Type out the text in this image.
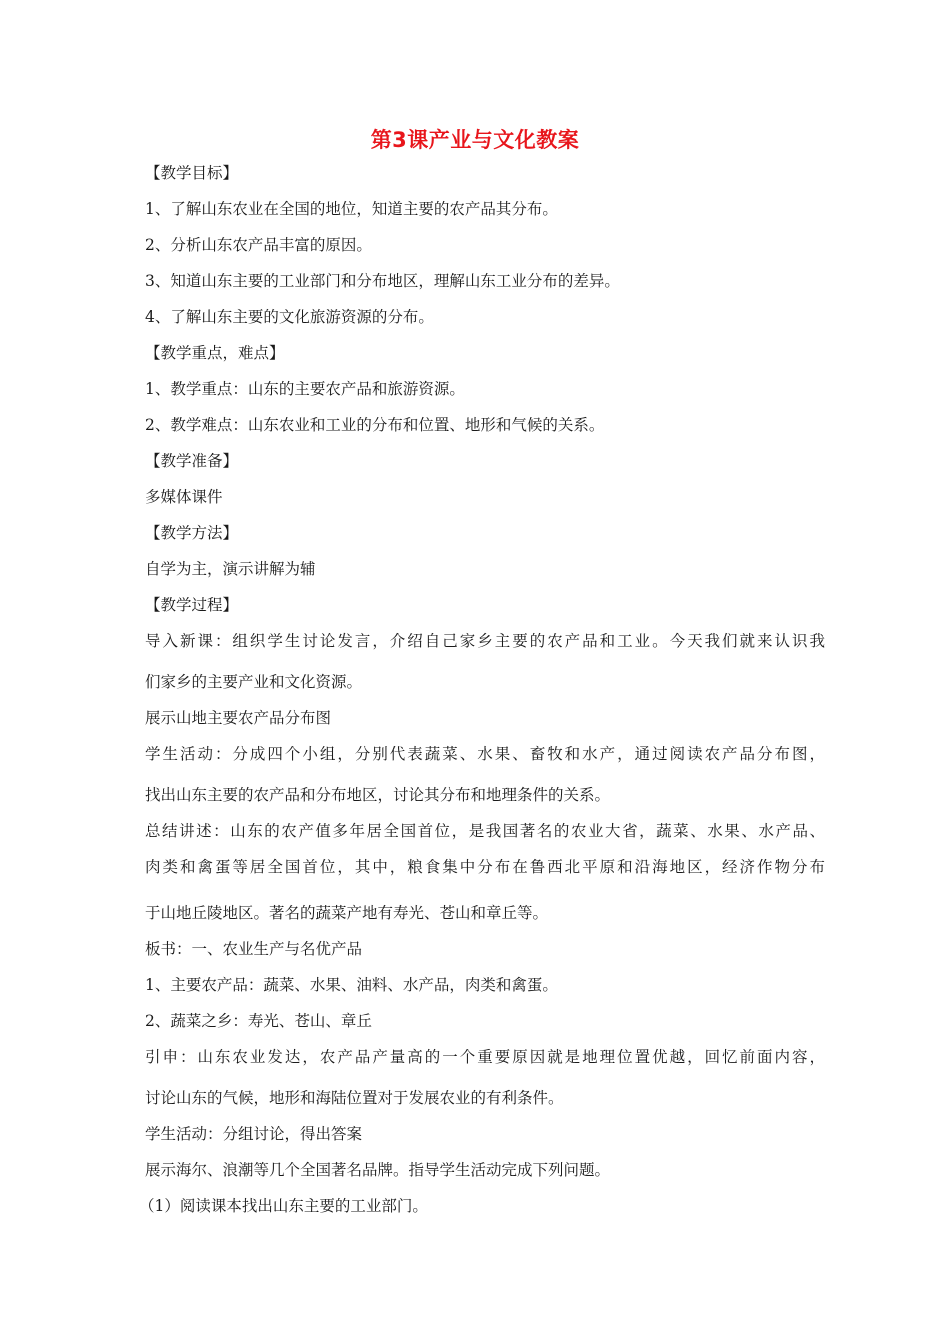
第3课产业与文化教案
【教学目标】
1、了解山东农业在全国的地位，知道主要的农产品其分布。
2、分析山东农产品丰富的原因。
3、知道山东主要的工业部门和分布地区，理解山东工业分布的差异。
4、了解山东主要的文化旅游资源的分布。
【教学重点，难点】
1、教学重点：山东的主要农产品和旅游资源。
2、教学难点：山东农业和工业的分布和位置、地形和气候的关系。
【教学准备】
多媒体课件
【教学方法】
自学为主，演示讲解为辅
【教学过程】
导入新课：组织学生讨论发言，介绍自己家乡主要的农产品和工业。今天我们就来认识我
们家乡的主要产业和文化资源。
展示山地主要农产品分布图
学生活动：分成四个小组，分别代表蔬菜、水果、畜牧和水产，通过阅读农产品分布图，
找出山东主要的农产品和分布地区，讨论其分布和地理条件的关系。
总结讲述：山东的农产值多年居全国首位，是我国著名的农业大省，蔬菜、水果、水产品、
肉类和禽蛋等居全国首位，其中，粮食集中分布在鲁西北平原和沿海地区，经济作物分布
于山地丘陵地区。著名的蔬菜产地有寿光、苍山和章丘等。
板书：一、农业生产与名优产品
1、主要农产品：蔬菜、水果、油料、水产品，肉类和禽蛋。
2、蔬菜之乡：寿光、苍山、章丘
引申：山东农业发达，农产品产量高的一个重要原因就是地理位置优越，回忆前面内容，
讨论山东的气候，地形和海陆位置对于发展农业的有利条件。
学生活动：分组讨论，得出答案
展示海尔、浪潮等几个全国著名品牌。指导学生活动完成下列问题。
（1）阅读课本找出山东主要的工业部门。
